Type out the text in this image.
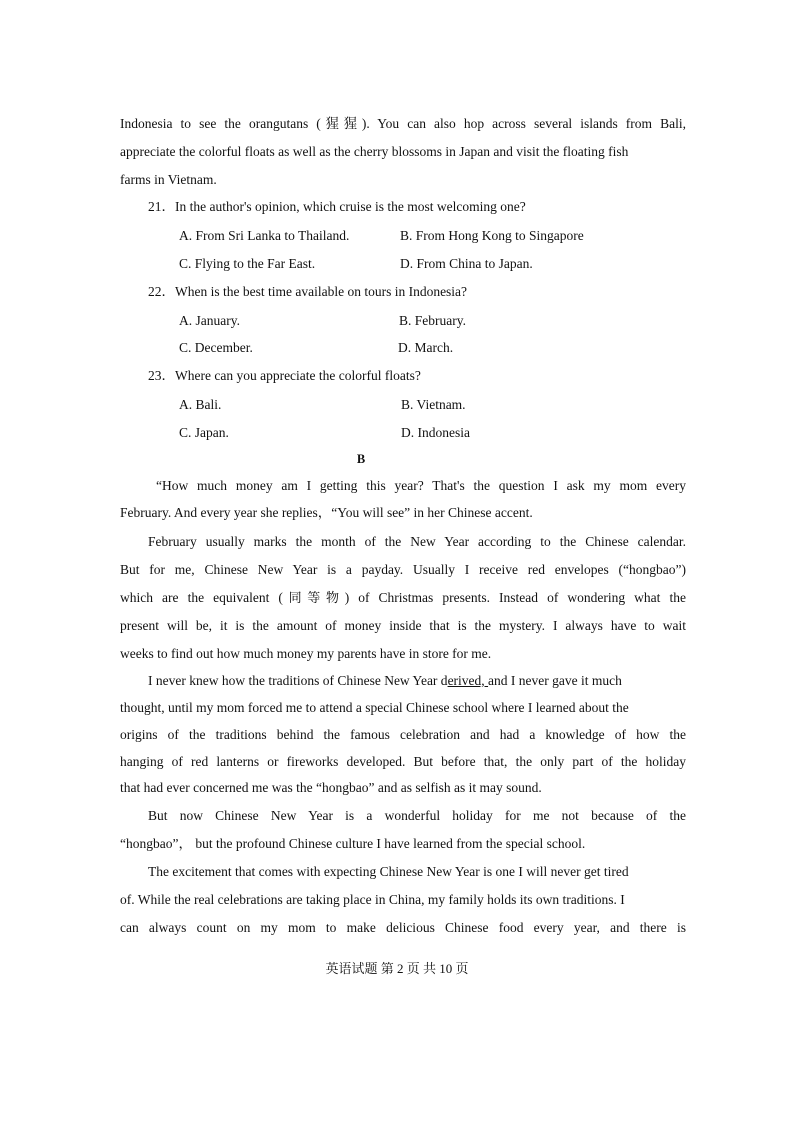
Indonesia to see the orangutans (猩猩). You can also hop across several islands from Bali,
appreciate the colorful floats as well as the cherry blossoms in Japan and visit the floating fish
farms in Vietnam.
21．In the author's opinion, which cruise is the most welcoming one?
A. From Sri Lanka to Thailand.	B. From Hong Kong to Singapore
C. Flying to the Far East.	D. From China to Japan.
22．When is the best time available on tours in Indonesia?
A. January.	B. February.
C. December.	D. March.
23．Where can you appreciate the colorful floats?
A. Bali.	B. Vietnam.
C. Japan.	D. Indonesia
B
“How much money am I getting this year? That's the question I ask my mom every
February. And every year she replies，“You will see” in her Chinese accent.
February usually marks the month of the New Year according to the Chinese calendar.
But for me, Chinese New Year is a payday. Usually I receive red envelopes (“hongbao”)
which are the equivalent (同等物) of Christmas presents. Instead of wondering what the
present will be, it is the amount of money inside that is the mystery. I always have to wait
weeks to find out how much money my parents have in store for me.
I never knew how the traditions of Chinese New Year derived, and I never gave it much
thought, until my mom forced me to attend a special Chinese school where I learned about the
origins of the traditions behind the famous celebration and had a knowledge of how the
hanging of red lanterns or fireworks developed. But before that, the only part of the holiday
that had ever concerned me was the “hongbao” and as selfish as it may sound.
But now Chinese New Year is a wonderful holiday for me not because of the
“hongbao”， but the profound Chinese culture I have learned from the special school.
The excitement that comes with expecting Chinese New Year is one I will never get tired
of. While the real celebrations are taking place in China, my family holds its own traditions. I
can always count on my mom to make delicious Chinese food every year, and there is
英语试题 第 2 页 共 10 页
